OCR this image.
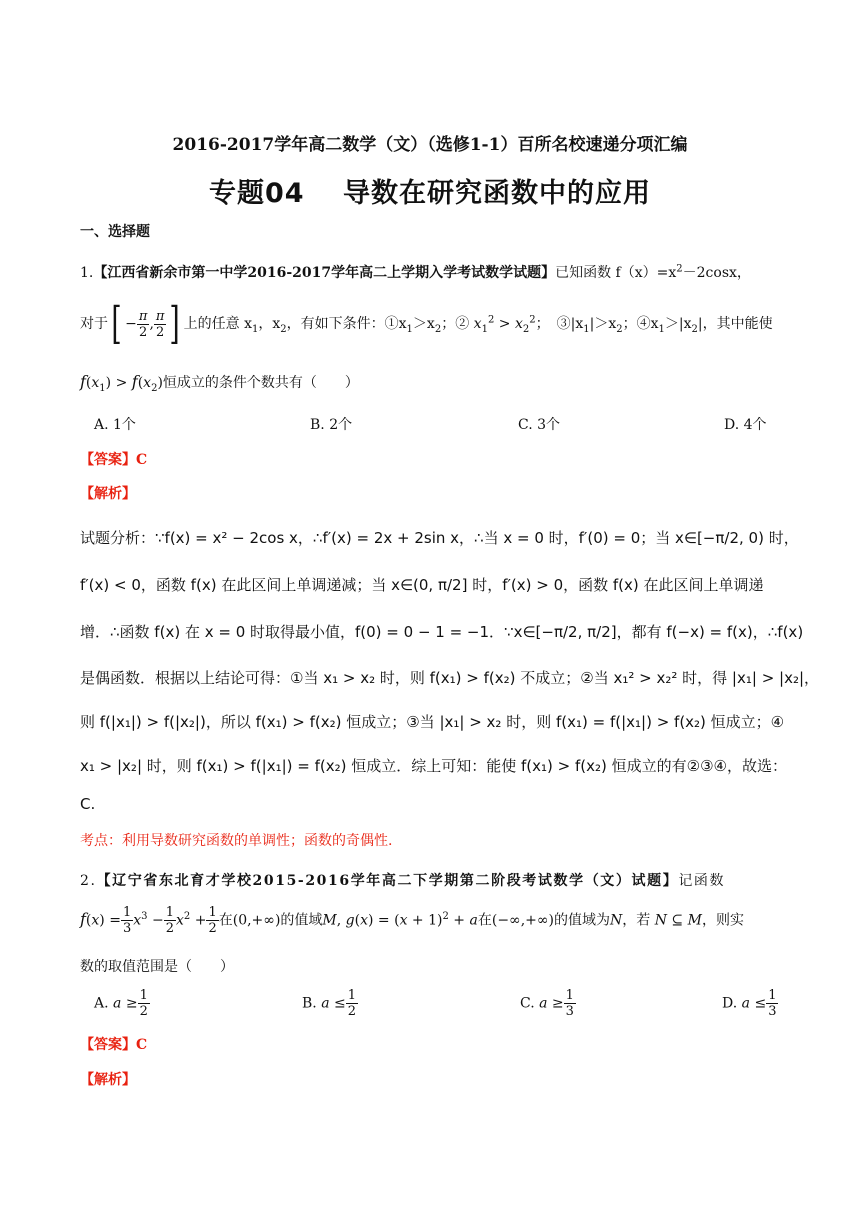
2016-2017学年高二数学（文）（选修1-1）百所名校速递分项汇编
专题04　 导数在研究函数中的应用
一、选择题
1.【江西省新余市第一中学2016-2017学年高二上学期入学考试数学试题】已知函数 $f(x)=x^2-2\cos x$，
对于[ − $\frac{\pi}{2}$ , $\frac{\pi}{2}$ ] 上的任意 $x_1$，$x_2$，有如下条件：$①x_1>x_2$；② $x_1^2 > x_2^2$；　$③|x_1|>x_2$；$④x_1>|x_2|$，其中能使
$f(x_1) > f(x_2)$恒成立的条件个数共有（　　）
A. 1个	B. 2个	C. 3个	D. 4个
【答案】C
【解析】
试题分析：∵f(x) = x² − 2cos x，∴f′(x) = 2x + 2sin x，∴当 x = 0 时，f′(0) = 0；当 x∈[−π/2, 0) 时，
f′(x) < 0，函数 f(x) 在此区间上单调递减；当 x∈(0, π/2] 时，f′(x) > 0，函数 f(x) 在此区间上单调递
增．∴函数 f(x) 在 x = 0 时取得最小值，f(0) = 0 − 1 = −1．∵x∈[−π/2, π/2]，都有 f(−x) = f(x)，∴f(x)
是偶函数．根据以上结论可得：①当 x₁ > x₂ 时，则 f(x₁) > f(x₂) 不成立；②当 x₁² > x₂² 时，得 |x₁| > |x₂|，
则 f(|x₁|) > f(|x₂|)，所以 f(x₁) > f(x₂) 恒成立；③当 |x₁| > x₂ 时，则 f(x₁) = f(|x₁|) > f(x₂) 恒成立；④
x₁ > |x₂| 时，则 f(x₁) > f(|x₁|) = f(x₂) 恒成立．综上可知：能使 f(x₁) > f(x₂) 恒成立的有②③④，故选：
C.
考点：利用导数研究函数的单调性；函数的奇偶性.
2.【辽宁省东北育才学校2015-2016学年高二下学期第二阶段考试数学（文）试题】记函数
$f(x) = \frac{1}{3} x^3 - \frac{1}{2} x^2 + \frac{1}{2}$ 在(0,+∞)的值域M, $g(x) = (x + 1)^2 + a$在(−∞,+∞)的值域为N，若 N ⊆ M，则实
数的取值范围是（　　）
A. $a \ge \frac{1}{2}$	B. $a \le \frac{1}{2}$	C. $a \ge \frac{1}{3}$	D. $a \le \frac{1}{3}$
【答案】C
【解析】
